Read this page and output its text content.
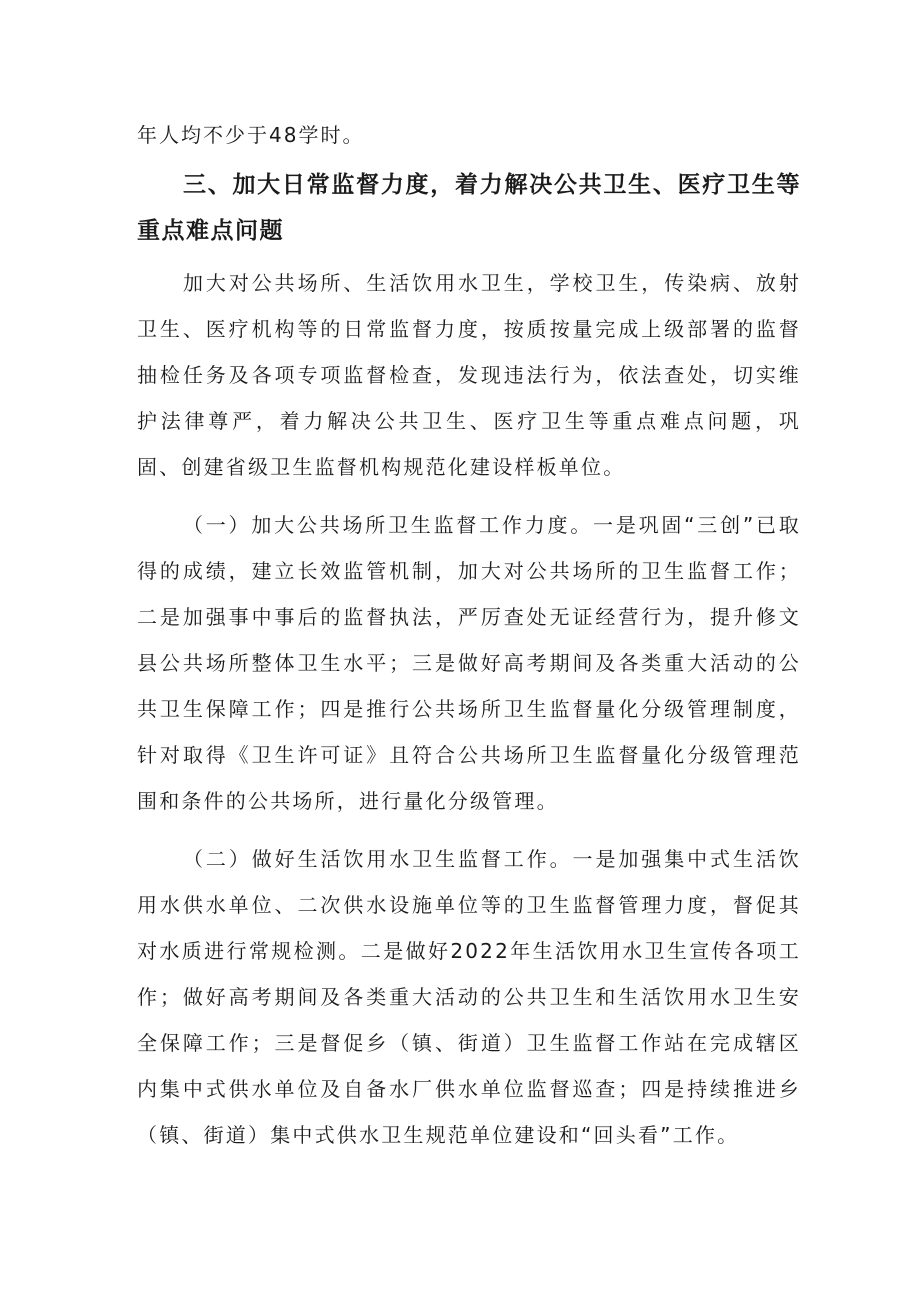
年人均不少于48学时。

三、加大日常监督力度，着力解决公共卫生、医疗卫生等重点难点问题

加大对公共场所、生活饮用水卫生，学校卫生，传染病、放射卫生、医疗机构等的日常监督力度，按质按量完成上级部署的监督抽检任务及各项专项监督检查，发现违法行为，依法查处，切实维护法律尊严，着力解决公共卫生、医疗卫生等重点难点问题，巩固、创建省级卫生监督机构规范化建设样板单位。

（一）加大公共场所卫生监督工作力度。一是巩固“三创”已取得的成绩，建立长效监管机制，加大对公共场所的卫生监督工作；二是加强事中事后的监督执法，严厉查处无证经营行为，提升修文县公共场所整体卫生水平；三是做好高考期间及各类重大活动的公共卫生保障工作；四是推行公共场所卫生监督量化分级管理制度，针对取得《卫生许可证》且符合公共场所卫生监督量化分级管理范围和条件的公共场所，进行量化分级管理。

（二）做好生活饮用水卫生监督工作。一是加强集中式生活饮用水供水单位、二次供水设施单位等的卫生监督管理力度，督促其对水质进行常规检测。二是做好2022年生活饮用水卫生宣传各项工作；做好高考期间及各类重大活动的公共卫生和生活饮用水卫生安全保障工作；三是督促乡（镇、街道）卫生监督工作站在完成辖区内集中式供水单位及自备水厂供水单位监督巡查；四是持续推进乡（镇、街道）集中式供水卫生规范单位建设和“回头看”工作。
